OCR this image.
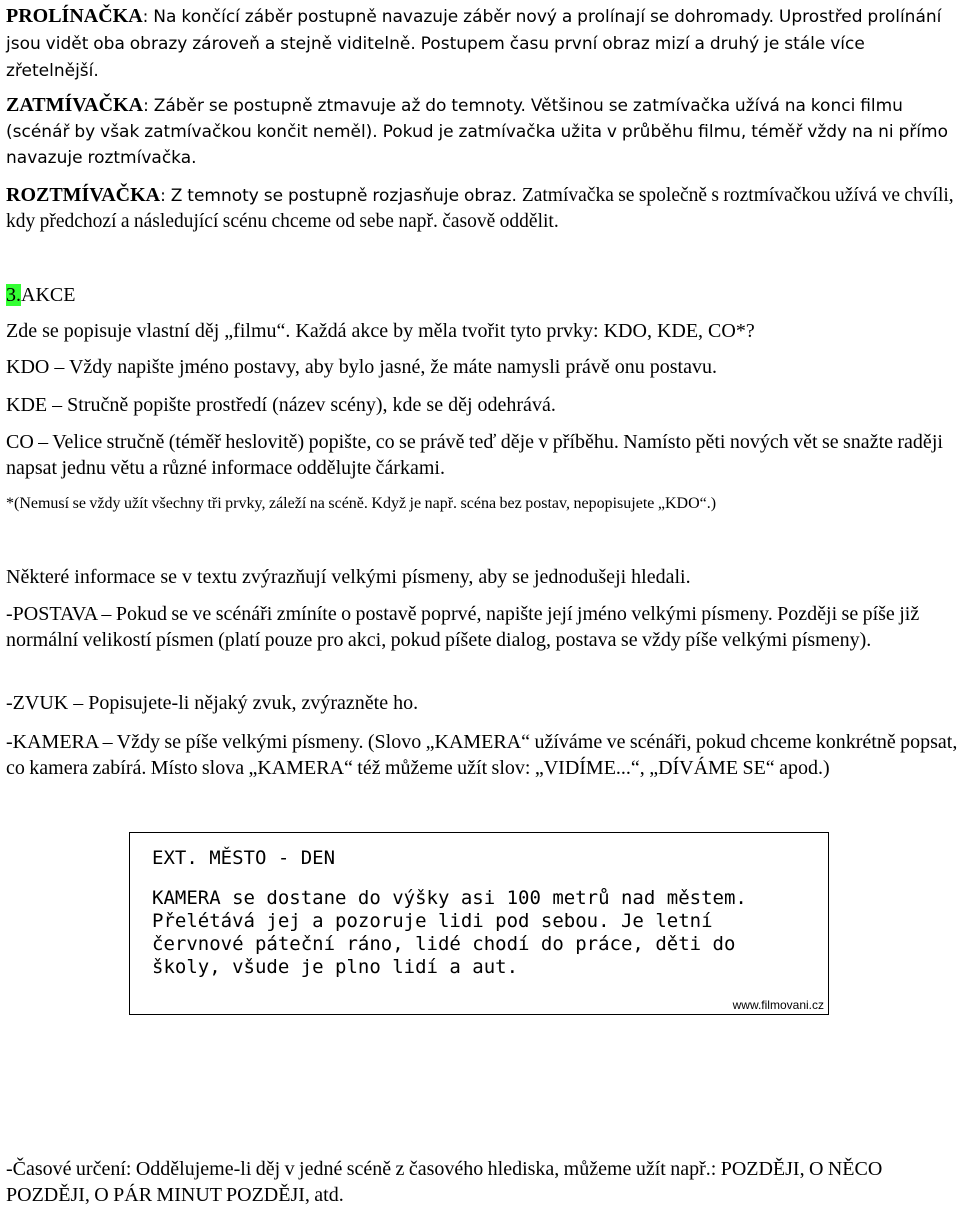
PROLÍNAČKA: Na končící záběr postupně navazuje záběr nový a prolínají se dohromady. Uprostřed prolínání jsou vidět oba obrazy zároveň a stejně viditelně. Postupem času první obraz mizí a druhý je stále více zřetelnější.

ZATMÍVAČKA: Záběr se postupně ztmavuje až do temnoty. Většinou se zatmívačka užívá na konci filmu (scénář by však zatmívačkou končit neměl). Pokud je zatmívačka užita v průběhu filmu, téměř vždy na ni přímo navazuje roztmívačka.

ROZTMÍVAČKA: Z temnoty se postupně rozjasňuje obraz. Zatmívačka se společně s roztmívačkou užívá ve chvíli, kdy předchozí a následující scénu chceme od sebe např. časově oddělit.

3.AKCE

Zde se popisuje vlastní děj „filmu“. Každá akce by měla tvořit tyto prvky: KDO, KDE, CO*?

KDO – Vždy napište jméno postavy, aby bylo jasné, že máte namysli právě onu postavu.

KDE – Stručně popište prostředí (název scény), kde se děj odehrává.

CO – Velice stručně (téměř heslovitě) popište, co se právě teď děje v příběhu. Namísto pěti nových vět se snažte raději napsat jednu větu a různé informace oddělujte čárkami.

*(Nemusí se vždy užít všechny tři prvky, záleží na scéně. Když je např. scéna bez postav, nepopisujete „KDO“.)

Některé informace se v textu zvýrazňují velkými písmeny, aby se jednodušeji hledali.

-POSTAVA – Pokud se ve scénáři zmíníte o postavě poprvé, napište její jméno velkými písmeny. Později se píše již normální velikostí písmen (platí pouze pro akci, pokud píšete dialog, postava se vždy píše velkými písmeny).

-ZVUK – Popisujete-li nějaký zvuk, zvýrazněte ho.

-KAMERA – Vždy se píše velkými písmeny. (Slovo „KAMERA“ užíváme ve scénáři, pokud chceme konkrétně popsat, co kamera zabírá. Místo slova „KAMERA“ též můžeme užít slov: „VIDÍME...“, „DÍVÁME SE“ apod.)

-Časové určení: Oddělujeme-li děj v jedné scéně z časového hlediska, můžeme užít např.: POZDĚJI, O NĚCO POZDĚJI, O PÁR MINUT POZDĚJI, atd.

EXT. MĚSTO - DEN

KAMERA se dostane do výšky asi 100 metrů nad městem.

Přelétává jej a pozoruje lidi pod sebou. Je letní

červnové páteční ráno, lidé chodí do práce, děti do

školy, všude je plno lidí a aut.

www.filmovani.cz
